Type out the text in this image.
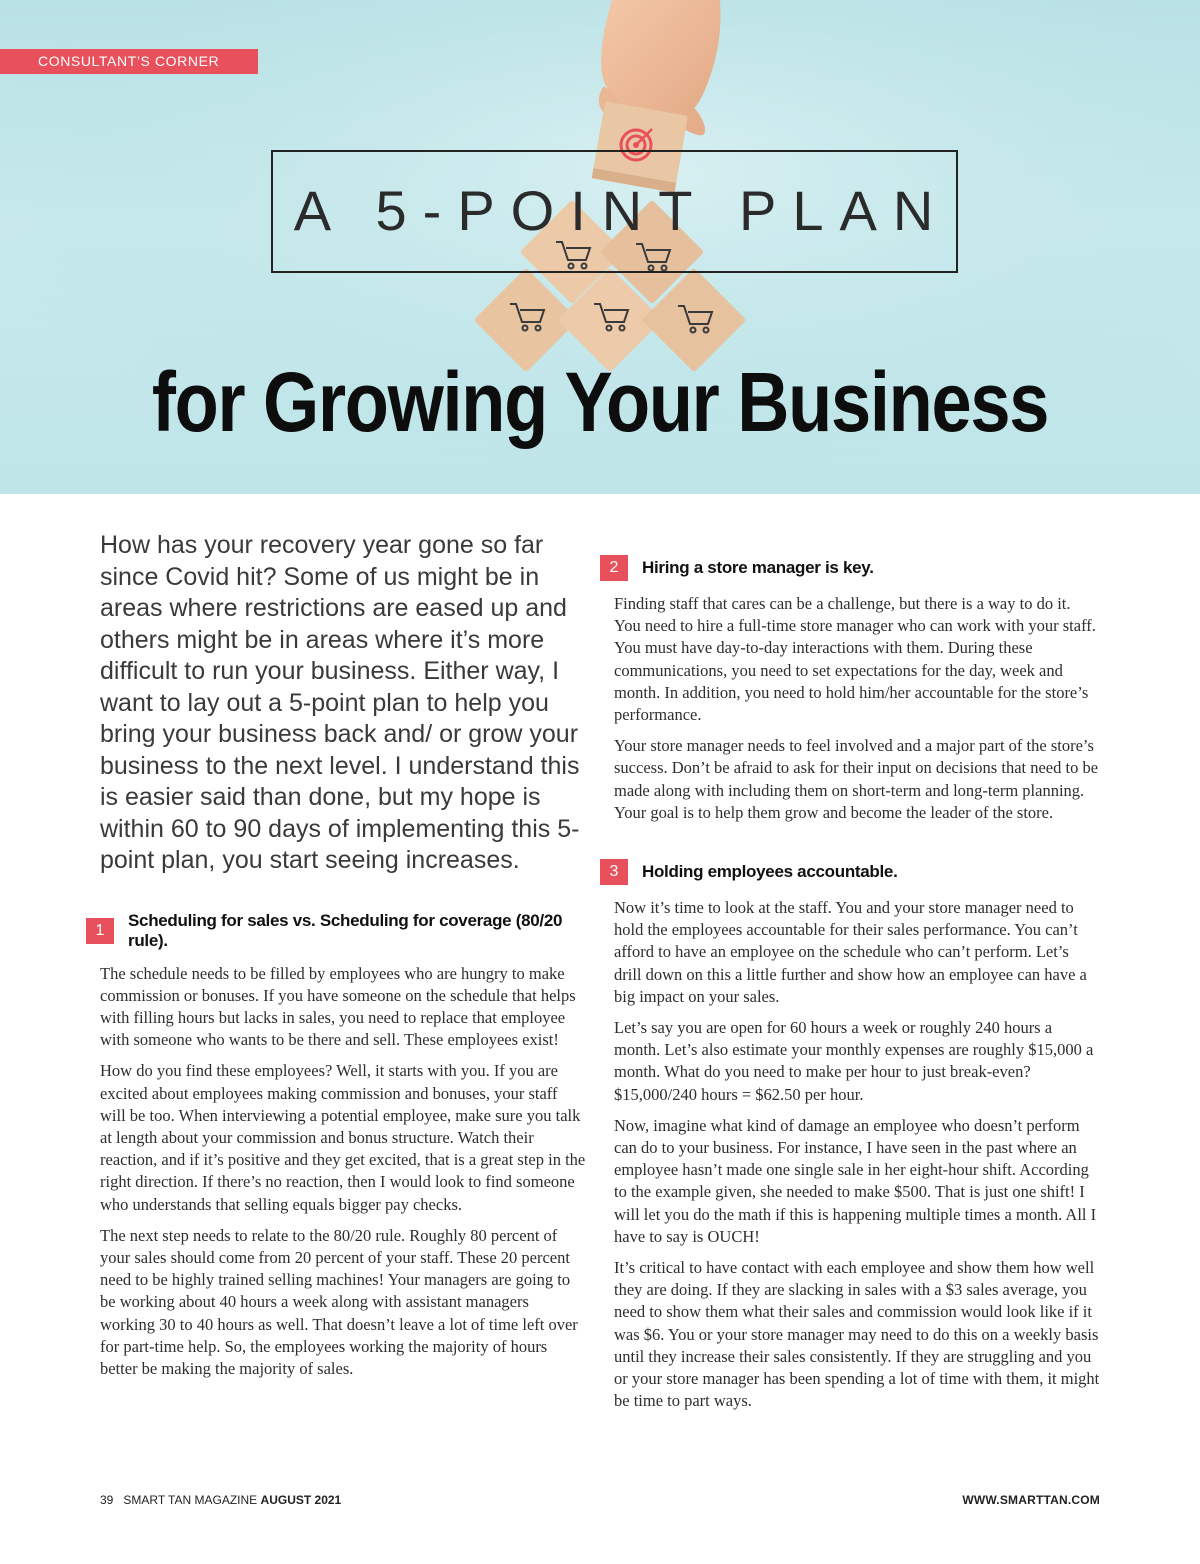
CONSULTANT’S CORNER
A 5-POINT PLAN
for Growing Your Business

How has your recovery year gone so far since Covid hit? Some of us might be in areas where restrictions are eased up and others might be in areas where it’s more difficult to run your business. Either way, I want to lay out a 5-point plan to help you bring your business back and/ or grow your business to the next level. I understand this is easier said than done, but my hope is within 60 to 90 days of implementing this 5-point plan, you start seeing increases.

1
Scheduling for sales vs. Scheduling for coverage (80/20 rule).

The schedule needs to be filled by employees who are hungry to make commission or bonuses. If you have someone on the schedule that helps with filling hours but lacks in sales, you need to replace that employee with someone who wants to be there and sell. These employees exist!

How do you find these employees? Well, it starts with you. If you are excited about employees making commission and bonuses, your staff will be too. When interviewing a potential employee, make sure you talk at length about your commission and bonus structure. Watch their reaction, and if it’s positive and they get excited, that is a great step in the right direction. If there’s no reaction, then I would look to find someone who understands that selling equals bigger pay checks.

The next step needs to relate to the 80/20 rule. Roughly 80 percent of your sales should come from 20 percent of your staff. These 20 percent need to be highly trained selling machines! Your managers are going to be working about 40 hours a week along with assistant managers working 30 to 40 hours as well. That doesn’t leave a lot of time left over for part-time help. So, the employees working the majority of hours better be making the majority of sales.

2	Hiring a store manager is key.

Finding staff that cares can be a challenge, but there is a way to do it. You need to hire a full-time store manager who can work with your staff. You must have day-to-day interactions with them. During these communications, you need to set expectations for the day, week and month. In addition, you need to hold him/her accountable for the store’s performance.

Your store manager needs to feel involved and a major part of the store’s success. Don’t be afraid to ask for their input on decisions that need to be made along with including them on short-term and long-term planning. Your goal is to help them grow and become the leader of the store.

3	Holding employees accountable.

Now it’s time to look at the staff. You and your store manager need to hold the employees accountable for their sales performance. You can’t afford to have an employee on the schedule who can’t perform. Let’s drill down on this a little further and show how an employee can have a big impact on your sales.

Let’s say you are open for 60 hours a week or roughly 240 hours a month. Let’s also estimate your monthly expenses are roughly $15,000 a month. What do you need to make per hour to just break-even? $15,000/240 hours = $62.50 per hour.

Now, imagine what kind of damage an employee who doesn’t perform can do to your business. For instance, I have seen in the past where an employee hasn’t made one single sale in her eight-hour shift. According to the example given, she needed to make $500. That is just one shift! I will let you do the math if this is happening multiple times a month. All I have to say is OUCH!

It’s critical to have contact with each employee and show them how well they are doing. If they are slacking in sales with a $3 sales average, you need to show them what their sales and commission would look like if it was $6. You or your store manager may need to do this on a weekly basis until they increase their sales consistently. If they are struggling and you or your store manager has been spending a lot of time with them, it might be time to part ways.

39 SMART TAN MAGAZINE AUGUST 2021	WWW.SMARTTAN.COM
